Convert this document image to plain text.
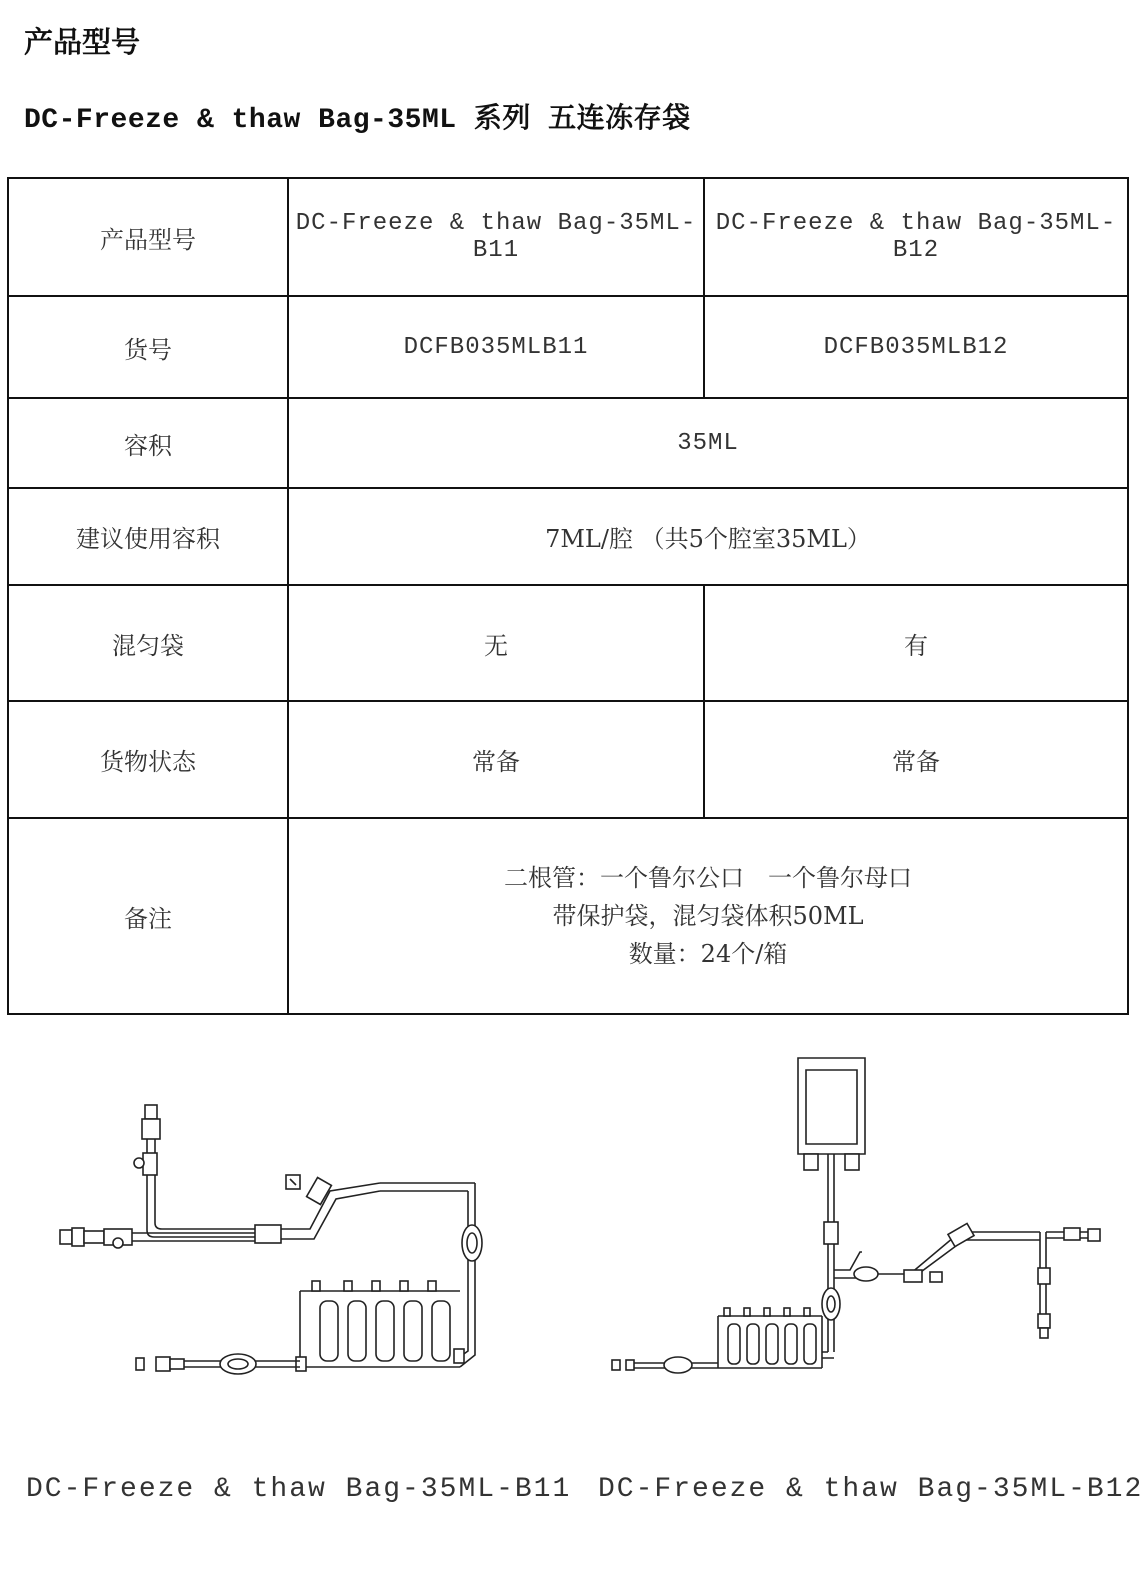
产品型号
DC-Freeze & thaw Bag-35ML 系列 五连冻存袋
产品型号	DC-Freeze & thaw Bag-35ML-B11	DC-Freeze & thaw Bag-35ML-B12
货号	DCFB035MLB11	DCFB035MLB12
容积	35ML	
建议使用容积	7ML/腔 （共5个腔室35ML）	
混匀袋	无	有
货物状态	常备	常备
备注	二根管：一个鲁尔公口　一个鲁尔母口
带保护袋，混匀袋体积50ML
数量：24个/箱	
DC-Freeze & thaw Bag-35ML-B11 DC-Freeze & thaw Bag-35ML-B12
